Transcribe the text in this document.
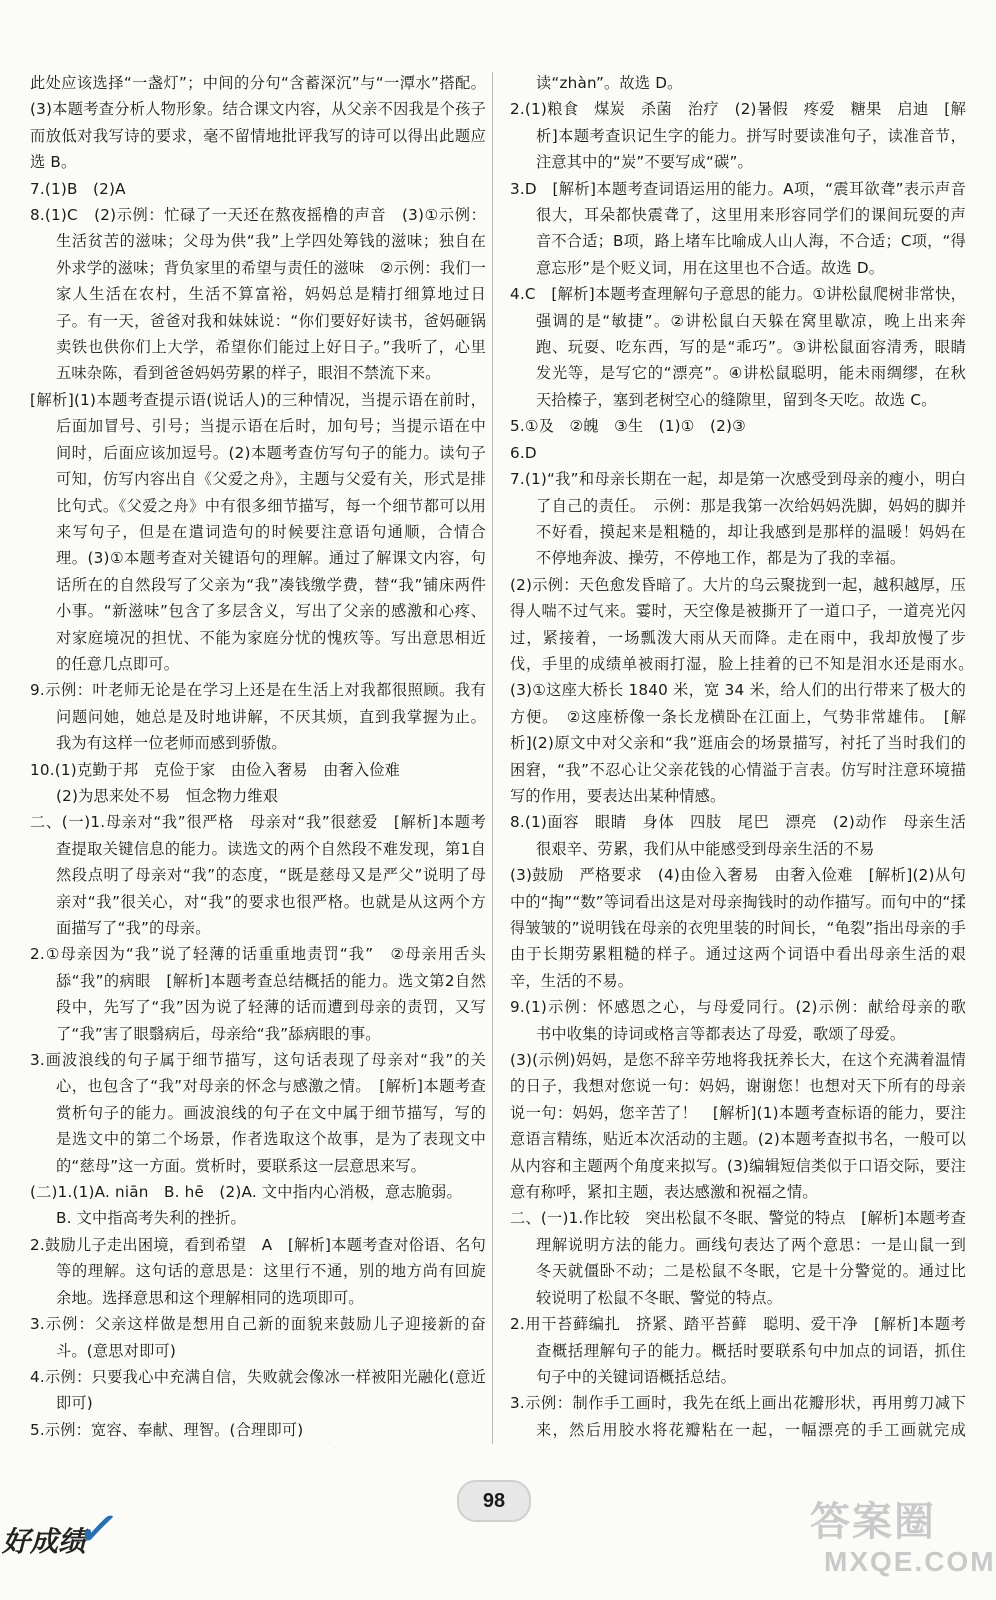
此处应该选择“一盏灯”；中间的分句“含蓄深沉”与“一潭水”搭配。(3)本题考查分析人物形象。结合课文内容，从父亲不因我是个孩子而放低对我写诗的要求，毫不留情地批评我写的诗可以得出此题应选 B。

7.(1)B　(2)A

8.(1)C　(2)示例：忙碌了一天还在熬夜摇橹的声音　(3)①示例：生活贫苦的滋味；父母为供“我”上学四处筹钱的滋味；独自在外求学的滋味；背负家里的希望与责任的滋味　②示例：我们一家人生活在农村，生活不算富裕，妈妈总是精打细算地过日子。有一天，爸爸对我和妹妹说：“你们要好好读书，爸妈砸锅卖铁也供你们上大学，希望你们能过上好日子。”我听了，心里五味杂陈，看到爸爸妈妈劳累的样子，眼泪不禁流下来。

[解析](1)本题考查提示语(说话人)的三种情况，当提示语在前时，后面加冒号、引号；当提示语在后时，加句号；当提示语在中间时，后面应该加逗号。(2)本题考查仿写句子的能力。读句子可知，仿写内容出自《父爱之舟》，主题与父爱有关，形式是排比句式。《父爱之舟》中有很多细节描写，每一个细节都可以用来写句子，但是在遣词造句的时候要注意语句通顺，合情合理。(3)①本题考查对关键语句的理解。通过了解课文内容，句话所在的自然段写了父亲为“我”凑钱缴学费，替“我”铺床两件小事。“新滋味”包含了多层含义，写出了父亲的感激和心疼、对家庭境况的担忧、不能为家庭分忧的愧疚等。写出意思相近的任意几点即可。

9.示例：叶老师无论是在学习上还是在生活上对我都很照顾。我有问题问她，她总是及时地讲解，不厌其烦，直到我掌握为止。我为有这样一位老师而感到骄傲。

10.(1)克勤于邦　克俭于家　由俭入奢易　由奢入俭难

(2)为思来处不易　恒念物力维艰

二、(一)1.母亲对“我”很严格　母亲对“我”很慈爱　[解析]本题考查提取关键信息的能力。读选文的两个自然段不难发现，第1自然段点明了母亲对“我”的态度，“既是慈母又是严父”说明了母亲对“我”很关心，对“我”的要求也很严格。也就是从这两个方面描写了“我”的母亲。

2.①母亲因为“我”说了轻薄的话重重地责罚“我”　②母亲用舌头舔“我”的病眼　[解析]本题考查总结概括的能力。选文第2自然段中，先写了“我”因为说了轻薄的话而遭到母亲的责罚，又写了“我”害了眼翳病后，母亲给“我”舔病眼的事。

3.画波浪线的句子属于细节描写，这句话表现了母亲对“我”的关心，也包含了“我”对母亲的怀念与感激之情。　[解析]本题考查赏析句子的能力。画波浪线的句子在文中属于细节描写，写的是选文中的第二个场景，作者选取这个故事，是为了表现文中的“慈母”这一方面。赏析时，要联系这一层意思来写。

(二)1.(1)A. niān　B. hē　(2)A. 文中指内心消极，意志脆弱。

B. 文中指高考失利的挫折。

2.鼓励儿子走出困境，看到希望　A　[解析]本题考查对俗语、名句等的理解。这句话的意思是：这里行不通，别的地方尚有回旋余地。选择意思和这个理解相同的选项即可。

3.示例：父亲这样做是想用自己新的面貌来鼓励儿子迎接新的奋斗。(意思对即可)

4.示例：只要我心中充满自信，失败就会像冰一样被阳光融化(意近即可)

5.示例：宽容、奉献、理智。(合理即可)

读“zhàn”。故选 D。

2.(1)粮食　煤炭　杀菌　治疗　(2)暑假　疼爱　糖果　启迪　[解析]本题考查识记生字的能力。拼写时要读准句子，读准音节，注意其中的“炭”不要写成“碳”。

3.D　[解析]本题考查词语运用的能力。A项，“震耳欲聋”表示声音很大，耳朵都快震聋了，这里用来形容同学们的课间玩耍的声音不合适；B项，路上堵车比喻成人山人海，不合适；C项，“得意忘形”是个贬义词，用在这里也不合适。故选 D。

4.C　[解析]本题考查理解句子意思的能力。①讲松鼠爬树非常快，强调的是“敏捷”。②讲松鼠白天躲在窝里歇凉，晚上出来奔跑、玩耍、吃东西，写的是“乖巧”。③讲松鼠面容清秀，眼睛发光等，是写它的“漂亮”。④讲松鼠聪明，能未雨绸缪，在秋天拾榛子，塞到老树空心的缝隙里，留到冬天吃。故选 C。

5.①及　②魄　③生　(1)①　(2)③

6.D

7.(1)“我”和母亲长期在一起，却是第一次感受到母亲的瘦小，明白了自己的责任。　示例：那是我第一次给妈妈洗脚，妈妈的脚并不好看，摸起来是粗糙的，却让我感到是那样的温暖！妈妈在不停地奔波、操劳，不停地工作，都是为了我的幸福。

(2)示例：天色愈发昏暗了。大片的乌云聚拢到一起，越积越厚，压得人喘不过气来。霎时，天空像是被撕开了一道口子，一道亮光闪过，紧接着，一场瓢泼大雨从天而降。走在雨中，我却放慢了步伐，手里的成绩单被雨打湿，脸上挂着的已不知是泪水还是雨水。　(3)①这座大桥长 1840 米，宽 34 米，给人们的出行带来了极大的方便。　②这座桥像一条长龙横卧在江面上，气势非常雄伟。　[解析](2)原文中对父亲和“我”逛庙会的场景描写，衬托了当时我们的困窘，“我”不忍心让父亲花钱的心情溢于言表。仿写时注意环境描写的作用，要表达出某种情感。

8.(1)面容　眼睛　身体　四肢　尾巴　漂亮　(2)动作　母亲生活很艰辛、劳累，我们从中能感受到母亲生活的不易

(3)鼓励　严格要求　(4)由俭入奢易　由奢入俭难　[解析](2)从句中的“掏”“数”等词看出这是对母亲掏钱时的动作描写。而句中的“揉得皱皱的”说明钱在母亲的衣兜里装的时间长，“龟裂”指出母亲的手由于长期劳累粗糙的样子。通过这两个词语中看出母亲生活的艰辛，生活的不易。

9.(1)示例：怀感恩之心，与母爱同行。(2)示例：献给母亲的歌　书中收集的诗词或格言等都表达了母爱，歌颂了母爱。

(3)(示例)妈妈，是您不辞辛劳地将我抚养长大，在这个充满着温情的日子，我想对您说一句：妈妈，谢谢您！也想对天下所有的母亲说一句：妈妈，您辛苦了！　[解析](1)本题考查标语的能力，要注意语言精练，贴近本次活动的主题。(2)本题考查拟书名，一般可以从内容和主题两个角度来拟写。(3)编辑短信类似于口语交际，要注意有称呼，紧扣主题，表达感激和祝福之情。

二、(一)1.作比较　突出松鼠不冬眠、警觉的特点　[解析]本题考查理解说明方法的能力。画线句表达了两个意思：一是山鼠一到冬天就僵卧不动；二是松鼠不冬眠，它是十分警觉的。通过比较说明了松鼠不冬眠、警觉的特点。

2.用干苔藓编扎　挤紧、踏平苔藓　聪明、爱干净　[解析]本题考查概括理解句子的能力。概括时要联系句中加点的词语，抓住句子中的关键词语概括总结。

3.示例：制作手工画时，我先在纸上画出花瓣形状，再用剪刀减下来，然后用胶水将花瓣粘在一起，一幅漂亮的手工画就完成

好成绩
✓
98	答案圈
MXQE.COM
